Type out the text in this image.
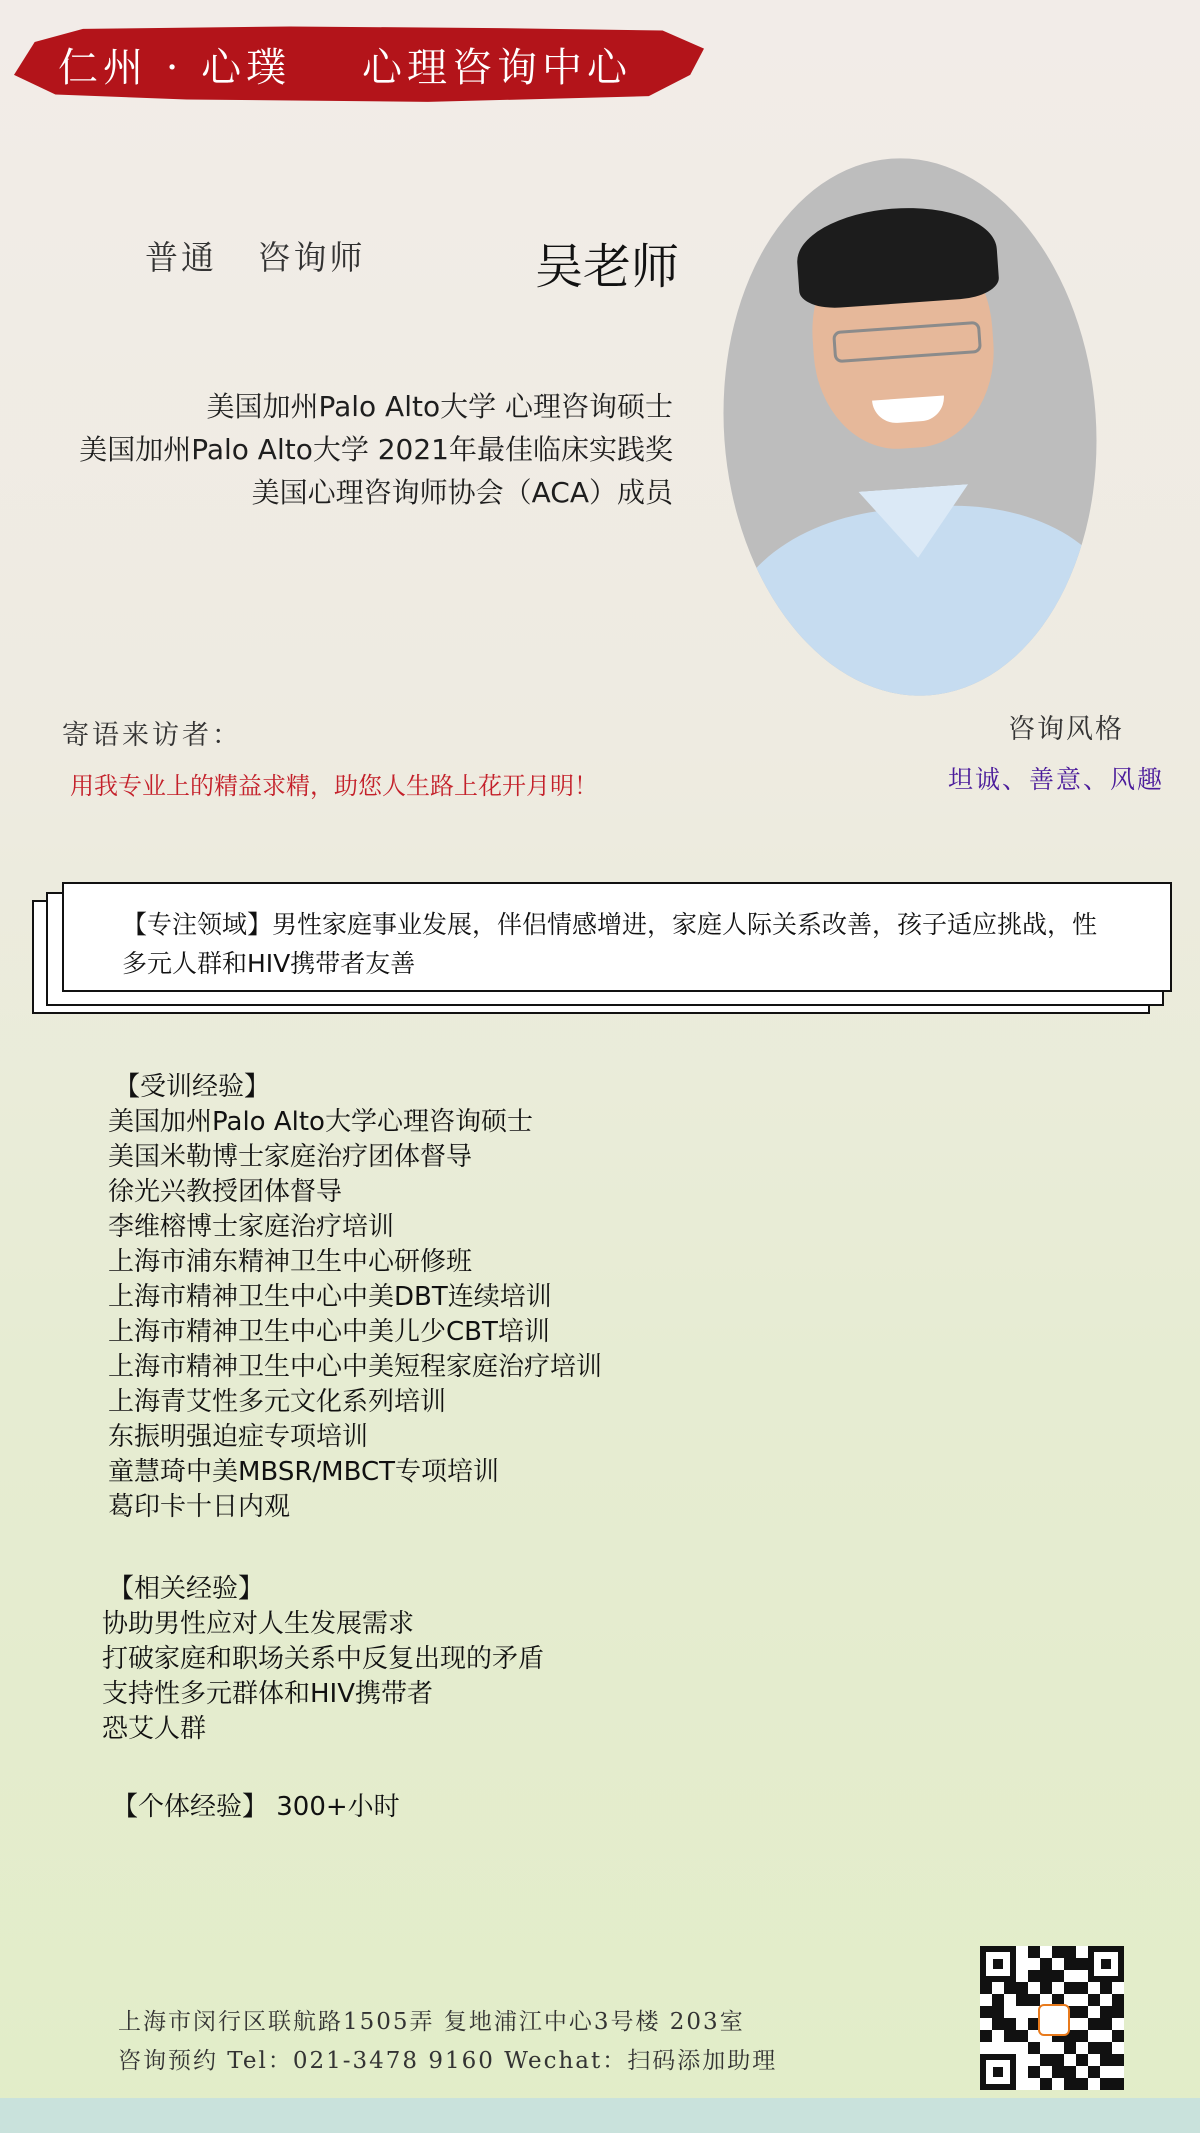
仁州 · 心璞    心理咨询中心
普通   咨询师	吴老师
美国加州Palo Alto大学 心理咨询硕士
美国加州Palo Alto大学 2021年最佳临床实践奖
美国心理咨询师协会（ACA）成员
寄语来访者：
用我专业上的精益求精，助您人生路上花开月明！
咨询风格
坦诚、善意、风趣
【专注领域】男性家庭事业发展，伴侣情感增进，家庭人际关系改善，孩子适应挑战，性多元人群和HIV携带者友善
【受训经验】
美国加州Palo Alto大学心理咨询硕士
美国米勒博士家庭治疗团体督导
徐光兴教授团体督导
李维榕博士家庭治疗培训
上海市浦东精神卫生中心研修班
上海市精神卫生中心中美DBT连续培训
上海市精神卫生中心中美儿少CBT培训
上海市精神卫生中心中美短程家庭治疗培训
上海青艾性多元文化系列培训
东振明强迫症专项培训
童慧琦中美MBSR/MBCT专项培训
葛印卡十日内观
【相关经验】
协助男性应对人生发展需求
打破家庭和职场关系中反复出现的矛盾
支持性多元群体和HIV携带者
恐艾人群
【个体经验】 300+小时
上海市闵行区联航路1505弄 复地浦江中心3号楼 203室
咨询预约 Tel：021-3478 9160 Wechat：扫码添加助理
